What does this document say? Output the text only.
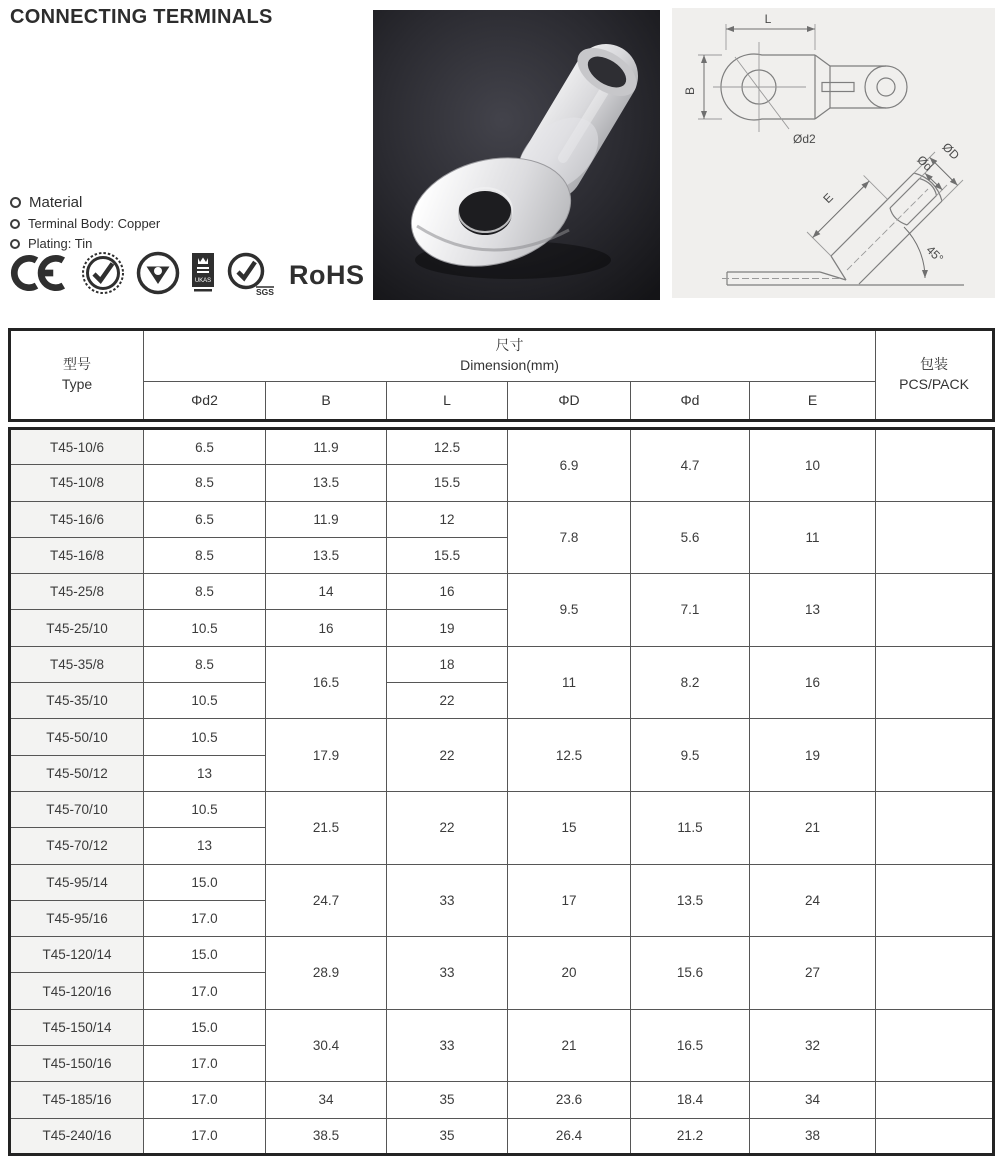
CONNECTING TERMINALS
Material
Terminal Body: Copper
Plating: Tin
UKAS
SGS
RoHS
L
B
Ød2
E
ØD
Ød
45°
型号
Type

尺寸
Dimension(mm)	包装
PCS/PACK

	Φd2	B	L	ΦD	Φd	E	
T45-10/6	6.5	11.9	12.5	6.9	4.7	10	
T45-10/8	8.5	13.5	15.5				
T45-16/6	6.5	11.9	12	7.8	5.6	11	
T45-16/8	8.5	13.5	15.5				
T45-25/8	8.5	14	16	9.5	7.1	13	
T45-25/10	10.5	16	19				
T45-35/8	8.5	16.5	18	11	8.2	16	
T45-35/10	10.5		22				
T45-50/10	10.5	17.9	22	12.5	9.5	19	
T45-50/12	13						
T45-70/10	10.5	21.5	22	15	11.5	21	
T45-70/12	13						
T45-95/14	15.0	24.7	33	17	13.5	24	
T45-95/16	17.0						
T45-120/14	15.0	28.9	33	20	15.6	27	
T45-120/16	17.0						
T45-150/14	15.0	30.4	33	21	16.5	32	
T45-150/16	17.0						
T45-185/16	17.0	34	35	23.6	18.4	34	
T45-240/16	17.0	38.5	35	26.4	21.2	38	
